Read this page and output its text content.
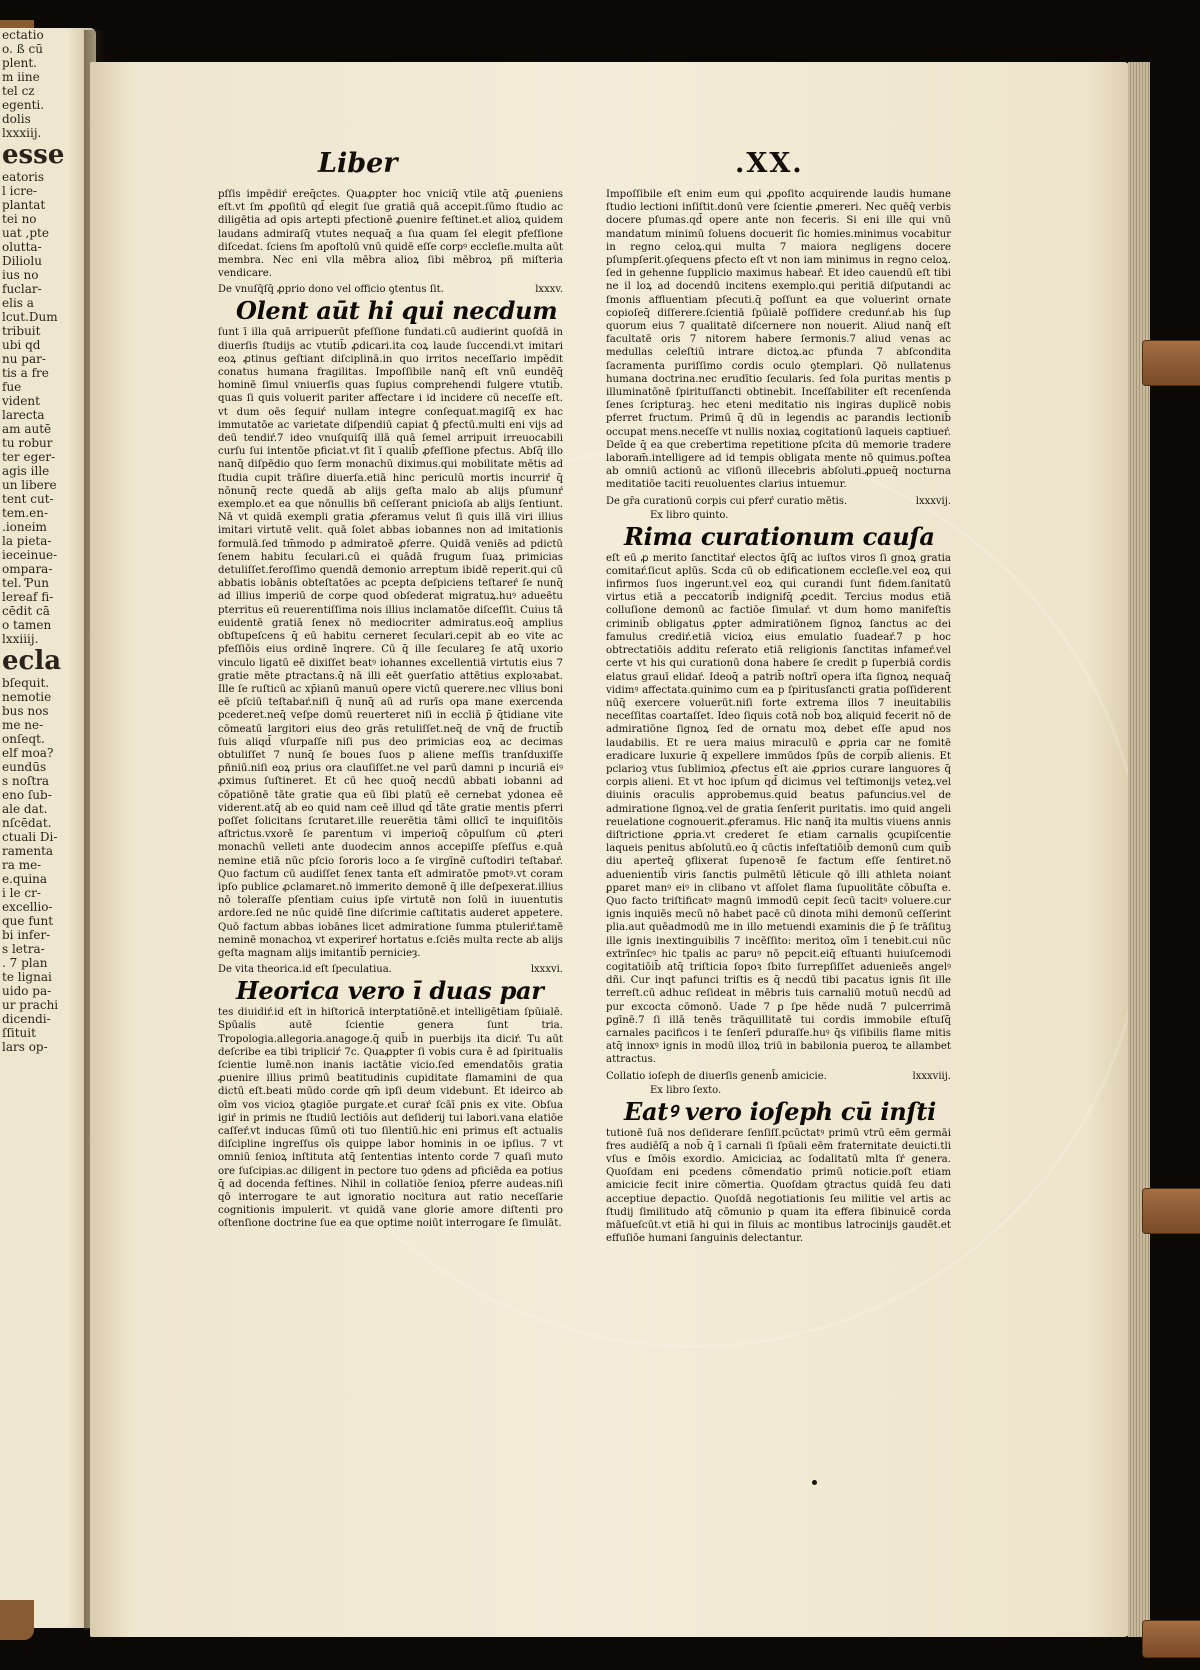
ectatio
o. ß cū
plent.
m iine
tel cz
egenti.
dolis
lxxxiij.
esse
eatoris
l icre-
plantat
tei no
uat ,pte
olutta-
Diliolu
ius no
fuclar-
elis a
lcut.Dum
tribuit
ubi qd
nu par-
tis a fre
fue
vident
larecta
am autē
tu robur
ter eger-
agis ille
un libere
tent cut-
tem.en-
.ioneim
la pieta-
ieceinue-
ompara-
tel. Ƥun
lereaf fi-
cēdit cā
o tamen
lxxiiij.
ecla
bſequit.
nemotie
bus nos
me ne-
onſeqt.
elf moa?
eundūs
s noſtra
eno ſub-
ale dat.
nſcēdat.
ctuali Di-
ramenta
ra me-
e.quina
i le cr-
excellio-
que funt
bi infer-
s letra-
. 7 plan
te lignai
uido pa-
ur prachi
dicendi-
ſſituit
lars op-
Liber	.XX.

pſſis impēdiŕ ereq̄ctes. Quaꝓpter hoc vniciq̄ vtile atq̄ ꝓueniens eſt.vt ſm ꝓpoſitū qd̄ elegit ſue gratiā quā accepit.ſūmo ſtudio ac diligētia ad opis artepti pfectionē ꝓuenire feſtinet.et alioꝝ quidem laudans admiraſq̄ vtutes nequaq̄ a ſua quam ſeƚ elegit pfeſſione diſcedat. ſciens ſm apoſtolū vnū quidē eſſe corpꝰ eccleſie.multa aūt membra. Nec eni vlla mēbra alioꝝ ſibi mēbroꝝ pñ miſteria vendicare.

De vnuſq̄ſq̄ ꝓprio dono vel officio ꝯtentus ſit.	lxxxv.
Olent aūt hi qui necdum

ſunt ī illa quā arripuerūt pfeſſione fundati.cū audierint quoſdā in diuerſis ſtudijs ac vtutib̄ ꝓdicari.ita coꝝ laude ſuccendi.vt imitari eoꝝ ꝓtinus geſtiant diſciplinā.in quo irritos neceſſario impēdit conatus humana fragilitas. Impoſſibile nanq̄ eſt vnū eundēq̄ hominē ſimul vniuerſis quas ſuꝑius comprehendi fulgere vtutib̄. quas ſi quis voluerit pariter affectare i id incidere cū neceſſe eſt. vt dum oēs ſequiŕ nullam integre conſequat.magiſq̄ ex hac immutatōe ac varietate diſpendiū capiat ꝗ̄ ꝑfectū.multi eni vijs ad deū tendiŕ.7 ideo vnuſquiſq̄ illā quā ſemel arripuit irreuocabili curſu ſui intentōe pficiat.vt ſit ī qualib̄ ꝓfeſſione pfectus. Abſq̄ illo nanq̄ diſpēdio quo ſerm monachū diximus.qui mobilitate mētis ad ſtudia cupit trāſire diuerſa.etiā hinc periculū mortis incurriŕ q̄ nōnunq̄ recte quedā ab alijs geſta malo ab alijs pſumunŕ exemplo.et ea que nōnullis bñ ceſſerant pnicioſa ab alijs ſentiunt. Nā vt quidā exempli gratia ꝓferamus velut ſi quis illā viri illius imitari virtutē velit. quā ſolet abbas iobannes non ad imitationis formulā.ſed tm̄modo p admiratoē ꝓferre. Quidā veniēs ad pdictū ſenem habitu ſeculari.cū ei quādā frugum ſuaꝝ primicias detuliſſet.feroſſimo quendā demonio arreptum ibidē reperit.qui cū abbatis iobānis obteſtatōes ac pcepta deſpiciens teſtareŕ ſe nunq̄ ad illius imperiū de corpe quod obſederat migratuꝝ.huꝰ adueētu pterritus eū reuerentiſſima nois illius inclamatōe diſceſſit. Cuius tā euidentē gratiā ſenex nō mediocriter admiratus.eoq̄ amplius obſtupeſcens q̄ eū habitu cerneret ſeculari.cepit ab eo vite ac pfeſſiōis eius ordinē īnqrere. Cū q̄ ille ſeculareꝫ ſe atq̄ uxorio vinculo ligatū eē dixiſſet beatꝰ iohannes excellentiā virtutis eius 7 gratie mēte ꝑtractans.q̄ nā illi eēt ꝯuerſatio attētius exploꝛabat. Ille ſe ruſticū ac xp̄ianū manuū opere victū querere.nec vllius boni eē pſciū teſtabaŕ.niſi q̄ nunq̄ aū ad rurīs opa mane exercenda pcederet.neq̄ veſpe domū reuerteret niſi in eccliā p̄ q̄tidiane vite cōmeatū largitori eius deo grās retuliſſet.neq̄ de vnq̄ de fructib̄ ſuis aliqd̄ vſurpaſſe niſi pus deo primicias eoꝝ ac decimas obtuliſſet 7 nunq̄ ſe boues ſuos p aliene meſſis tranſduxiſſe pñniū.niſi eoꝝ prius ora clauſiſſet.ne vel parū damni p incuriā eiꝰ ꝓximus ſuſtineret. Et cū hec quoq̄ necdū abbati iobanni ad cōpatiōnē tāte gratie qua eū ſibi platū eē cernebat ydonea eē viderent.atq̄ ab eo quid nam ceē illud qd̄ tāte gratie mentis pferri poſſet ſolicitans ſcrutaret.ille reuerētia tāmi ollicī te inquiſitōis aſtrictus.vxorē ſe parentum vi imperioq̄ cōpulſum cū ꝓteri monachū velleti ante duodecim annos accepiſſe pſeſſus e.quā nemine etiā nūc pſcio ſororis loco a ſe virgīnē cuſtodiri teſtabaŕ. Quo factum cū audiſſet ſenex tanta eſt admiratōe pmotꝰ.vt coram ipſo publice ꝓclamaret.nō immerito demonē q̄ ille deſpexerat.illius nō toleraſſe pſentiam cuius ipſe virtutē non ſolū in iuuentutis ardore.ſed ne nūc quidē ſine diſcrimie caſtitatis auderet appetere. Quō factum abbas iobānes licet admiratione ſumma ptuleriŕ.tamē neminē monachoꝝ vt experireŕ hortatus e.ſciēs multa recte ab alijs geſta magnam alijs imitantib̄ pernicieȝ.

De vita theorica.id eſt ſpeculatiua.	lxxxvi.
Heorica vero ī duas par

tes diuidiŕ.id eſt in hiſtoricā interptatiōnē.et intelligētiam ſpūialē. Spūalis autē ſcientie genera ſunt tria. Tropologia.allegoria.anagoge.q̄ quib̄ in puerbijs ita diciŕ. Tu aūt deſcribe ea tibi tripliciŕ 7c. Quaꝓpter ſi vobis cura ē ad ſpiritualis ſcientie lumē.non inanis iactātie vicio.ſed emendatōis gratia ꝓuenire illius primū beatitudinis cupiditate flamamini de qua dictū eſt.beati mūdo corde qm̄ ipſi deum videbunt. Et ideirco ab oīm vos vicioꝝ ꝯtagiōe purgate.et curaŕ ſcāī ꝑnis ex vite. Obſua igiŕ in primis ne ſtudiū lectiōis aut deſiderij tui labori.vana elatiōe caſſeŕ.vt inducas ſūmū oti tuo ſilentiū.hic eni primus eſt actualis diſcipline ingreſſus oīs quippe labor hominis in oe ipſius. 7 vt omniū ſenioꝝ inſtituta atq̄ ſententias intento corde 7 quaſi muto ore ſuſcipias.ac diligent in pectore tuo ꝯdens ad pficiēda ea potius q̄ ad docenda feſtines. Nihil in collatiōe ſenioꝝ pferre audeas.niſi qō interrogare te aut ignoratio nocitura aut ratio neceſſarie cognitionis impulerit. vt quidā vane glorie amore diſtenti pro oſtenſione doctrine ſue ea que optime noiūt interrogare ſe ſimulāt.

Impoſſibile eſt enim eum qui ꝓpoſito acquirende laudis humane ſtudio lectioni inſiſtit.donū vere ſcientie ꝓmereri. Nec quēq̄ verbis docere pſumas.qd̄ opere ante non feceris. Si eni ille qui vnū mandatum minimū ſoluens docuerit ſic homies.minimus vocabitur in regno celoꝝ.qui multa 7 maiora negligens docere pſumpſerit.ꝯſequens ꝑfecto eſt vt non iam minimus in regno celoꝝ. ſed in gehenne ſupplicio maximus habeaŕ. Et ideo cauendū eſt tibi ne il loꝝ ad docendū incitens exemplo.qui peritiā diſputandi ac ſmonis affluentiam pſecuti.q̄ poſſunt ea que voluerint ornate copioſeq̄ diſſerere.ſcientiā ſpūialē poſſidere credunŕ.ab his ſuꝑ quorum eius 7 qualitatē diſcernere non nouerit. Aliud nanq̄ eſt facultatē oris 7 nitorem habere ſermonis.7 aliud venas ac medullas celeſtiū intrare dictoꝝ.ac pfunda 7 abſcondita ſacramenta puriſſimo cordis oculo ꝯtemplari. Qō nullatenus humana doctrina.nec erudītio ſecularis. ſed ſola puritas mentis p illuminatōnē ſpirituſſancti obtinebit. Inceſſabiliter eſt recenſenda ſenes ſcripturaꝫ. hec eteni meditatio nis ingiras duplicē nobis pferret fructum. Primū q̄ dū in legendis ac parandis lectionib̄ occupat mens.neceſſe vt nullis noxiaꝝ cogitationū laqueis captiueŕ. Deīde q̄ ea que crebertima repetitione pſcita dū memorie tradere laboram̄.intelligere ad id tempis obligata mente nō quimus.poſtea ab omniū actionū ac viſionū illecebris abſoluti.ꝓpueq̄ nocturna meditatiōe taciti reuoluentes clarius intuemur.

De gr̄a curationū corpis cui pferŕ curatio mētis.	lxxxvij.
Ex libro quinto.
Rima curationum cauſa

eſt eū ꝓ merito ſanctitaŕ electos q̄ſq̄ ac iuſtos viros ſi gnoꝝ gratia comitaŕ.ſicut aplūs. Scda cū ob edificationem eccleſie.vel eoꝝ qui infirmos ſuos ingerunt.vel eoꝝ qui curandi ſunt fidem.ſanitatū virtus etiā a peccatorib̄ indignifq̄ ꝓcedit. Tercius modus etiā colluſione demonū ac factiōe ſimulaŕ. vt dum homo manifeſtis criminib̄ obligatus ꝓpter admiratiōnem ſignoꝝ ſanctus ac dei famulus crediŕ.etiā vicioꝝ eius emulatio ſuadeaŕ.7 p hoc obtrectatiōis additu reſerato etiā religionis ſanctitas infameŕ.vel certe vt his qui curationū dona habere ſe credit p ſuperbiā cordis elatus grauī elidaŕ. Ideoq̄ a patrib̄ noſtrī opera iſta ſignoꝝ nequaq̄ vidimꝰ affectata.quinimo cum ea p ſpiritusſancti gratia poſſiderent nūq̄ exercere voluerūt.niſi forte extrema illos 7 ineuitabilis neceſſitas coartaſſet. Ideo ſiquis cotā nob̄ boꝝ aliquid fecerit nō de admiratiōne ſignoꝝ ſed de ornatu moꝝ debet eſſe apud nos laudabilis. Et re uera maius miraculū e ꝓpria car ne fomitē eradicare luxurie q̄ expellere immūdos ſpūs de corpib̄ alienis. Et pclarioꝫ vtus ſublimioꝝ ꝓfectus eſt aie ꝓprios curare languores q̄ corpis alieni. Et vt hoc ipſum qd̄ dicimus vel teſtimonijs veteꝝ.vel diuinis oraculis approbemus.quid beatus pafuncius.vel de admiratione ſignoꝝ.vel de gratia ſenſerit puritatis. imo quid angeli reuelatione cognouerit.ꝓferamus. Hic nanq̄ ita multis viuens annis diſtrictione ꝓpria.vt crederet ſe etiam carnalis ꝯcupiſcentie laqueis penitus abſolutū.eo q̄ cūctis infeſtatiōib̄ demonū cum quib̄ diu aperteq̄ ꝯflixerat ſupenoꝛē ſe factum eſſe ſentiret.nō aduenientib̄ viris ſanctis pulmētū lēticule qō illi athleta noiant ꝑparet manꝰ eiꝰ in clibano vt aſſolet flama ſupuolitāte cōbuſta e. Quo facto triſtificatꝰ magnū immodū cepit ſecū tacitꝰ voluere.cur ignis inquiēs mecū nō habet pacē cū dinota mihi demonū ceſſerint plia.aut quēadmodū me in illo metuendi examinis die p̄ ſe trāſituꝫ ille ignis inextinguibilis 7 incēſſito: meritoꝝ oīm ī tenebit.cui nūc extrīnſecꝰ hic tpalis ac paruꝰ nō pepcit.eiq̄ eſtuanti huiuſcemodi cogitatiōib̄ atq̄ triſticia ſopoꝛ ſbito ſurrepſiſſet aduenieēs angelꝰ dñi. Cur inqt pafunci triſtis es q̄ necdū tibi pacatus ignis ſit ille terreſt.cū adhuc reſideat in mēbris tuis carnaliū motuū necdū ad pur excocta cōmonō. Uade 7 ꝑ ſpe hēde nudā 7 pulcerrimā ꝑgīnē.7 ſi illā tenēs trāquillitatē tui cordis immobile eſtuſq̄ carnales pacificos i te ſenſerī pduraſſe.huꝰ q̄s viſibilis flame mitis atq̄ innoxꝰ ignis in modū illoꝝ triū in babilonia pueroꝝ te allambet attractus.

Collatio ioſeph de diuerſis genenb̄ amicicie.	lxxxviij.
Ex libro ſexto.
Eatꝰ vero ioſeph cū inſti

tutionē ſuā nos deſiderare ſenſiſſ.pcūctatꝰ primū vtrū eēm germāi fres audiēſq̄ a nob̄ q̄ ī carnali ſi ſpūali eēm fraternitate deuicti.tli vſus e ſmōis exordio. Amiciciaꝝ ac ſodalitatū mlta ſŕ genera. Quoſdam eni pcedens cōmendatio primū noticie.poſt etiam amicicie fecit inire cōmertia. Quoſdam ꝯtractus quidā ſeu dati acceptiue depactio. Quoſdā negotiationis ſeu militie vel artis ac ſtudij ſimilitudo atq̄ cōmunio p quam ita effera ſibinuicē corda māſueſcūt.vt etiā hi qui in ſiluis ac montibus latrocinijs gaudēt.et effuſiōe humani ſanguinis delectantur.
